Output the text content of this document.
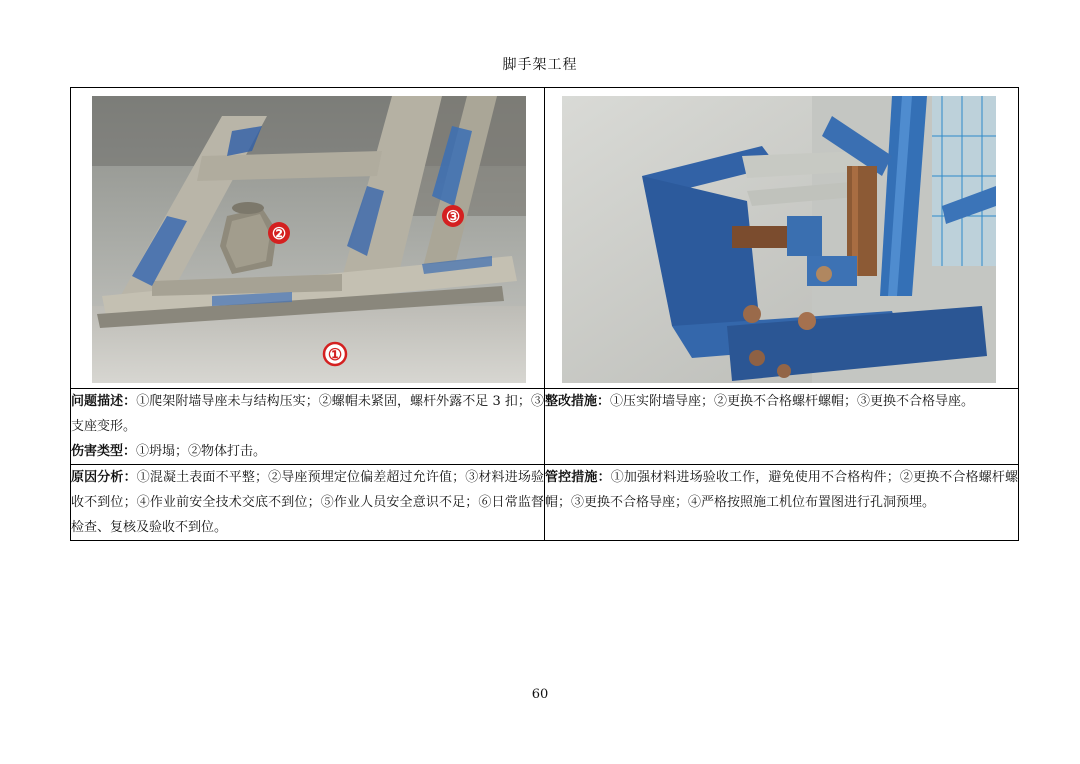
脚手架工程
①
②
③

问题描述：①爬架附墙导座未与结构压实；②螺帽未紧固，螺杆外露不足 3 扣；③支座变形。
伤害类型：①坍塌；②物体打击。	整改措施：①压实附墙导座；②更换不合格螺杆螺帽；③更换不合格导座。

原因分析：①混凝土表面不平整；②导座预埋定位偏差超过允许值；③材料进场验收不到位；④作业前安全技术交底不到位；⑤作业人员安全意识不足；⑥日常监督检查、复核及验收不到位。	管控措施：①加强材料进场验收工作，避免使用不合格构件；②更换不合格螺杆螺帽；③更换不合格导座；④严格按照施工机位布置图进行孔洞预埋。
60
